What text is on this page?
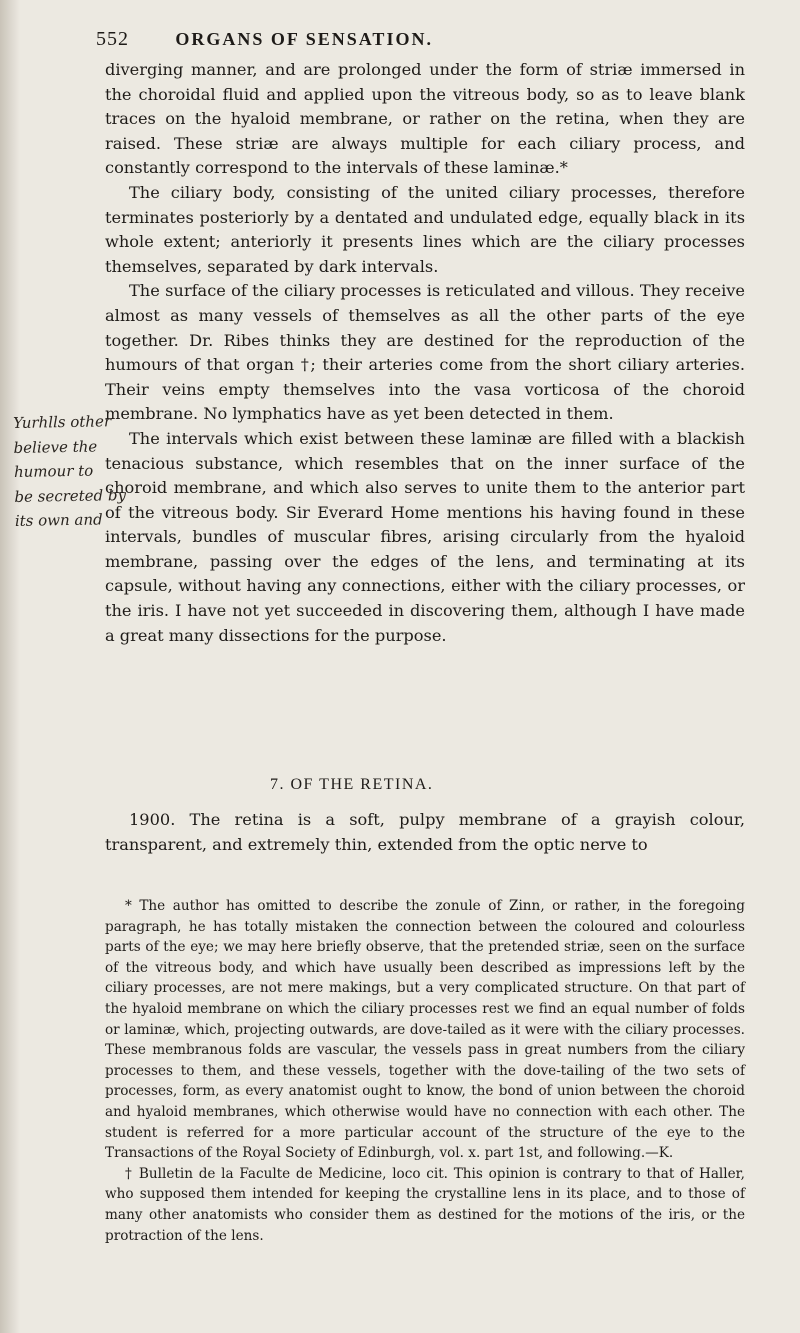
552	ORGANS OF SENSATION.

diverging manner, and are prolonged under the form of striæ immersed in the choroidal fluid and applied upon the vitreous body, so as to leave blank traces on the hyaloid membrane, or rather on the retina, when they are raised. These striæ are always multiple for each ciliary process, and constantly correspond to the intervals of these laminæ.*

The ciliary body, consisting of the united ciliary processes, therefore terminates posteriorly by a dentated and undulated edge, equally black in its whole extent; anteriorly it presents lines which are the ciliary processes themselves, separated by dark intervals.

The surface of the ciliary processes is reticulated and villous. They receive almost as many vessels of themselves as all the other parts of the eye together. Dr. Ribes thinks they are destined for the reproduction of the humours of that organ †; their arteries come from the short ciliary arteries. Their veins empty themselves into the vasa vorticosa of the choroid membrane. No lymphatics have as yet been detected in them.

The intervals which exist between these laminæ are filled with a blackish tenacious substance, which resembles that on the inner surface of the choroid membrane, and which also serves to unite them to the anterior part of the vitreous body. Sir Everard Home mentions his having found in these intervals, bundles of muscular fibres, arising circularly from the hyaloid membrane, passing over the edges of the lens, and terminating at its capsule, without having any connections, either with the ciliary processes, or the iris. I have not yet succeeded in discovering them, although I have made a great many dissections for the purpose.

Yurhlls other
believe the
humour to
be secreted by
its own and
7. OF THE RETINA.

1900. The retina is a soft, pulpy membrane of a grayish colour, transparent, and extremely thin, extended from the optic nerve to

* The author has omitted to describe the zonule of Zinn, or rather, in the foregoing paragraph, he has totally mistaken the connection between the coloured and colourless parts of the eye; we may here briefly observe, that the pretended striæ, seen on the surface of the vitreous body, and which have usually been described as impressions left by the ciliary processes, are not mere makings, but a very complicated structure. On that part of the hyaloid membrane on which the ciliary processes rest we find an equal number of folds or laminæ, which, projecting outwards, are dove-tailed as it were with the ciliary processes. These membranous folds are vascular, the vessels pass in great numbers from the ciliary processes to them, and these vessels, together with the dove-tailing of the two sets of processes, form, as every anatomist ought to know, the bond of union between the choroid and hyaloid membranes, which otherwise would have no connection with each other. The student is referred for a more particular account of the structure of the eye to the Transactions of the Royal Society of Edinburgh, vol. x. part 1st, and following.—K.

† Bulletin de la Faculte de Medicine, loco cit. This opinion is contrary to that of Haller, who supposed them intended for keeping the crystalline lens in its place, and to those of many other anatomists who consider them as destined for the motions of the iris, or the protraction of the lens.
